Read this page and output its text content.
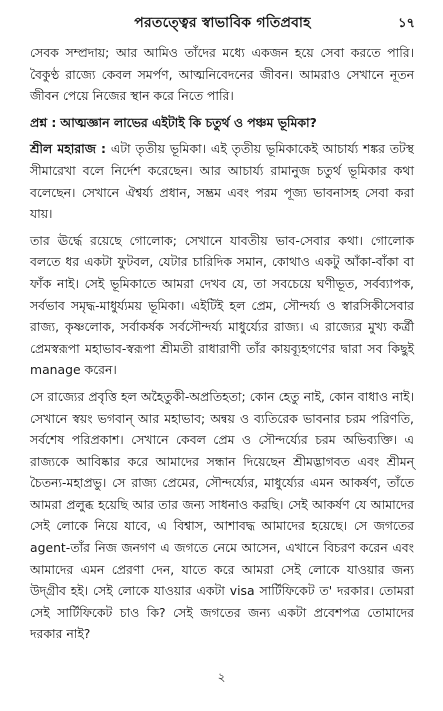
পরতত্ত্বের স্বাভাবিক গতিপ্রবাহ	১৭

সেবক সম্প্রদায়; আর আমিও তাঁদের মধ্যে একজন হয়ে সেবা করতে পারি। বৈকুণ্ঠ রাজ্যে কেবল সমর্পণ, আত্মনিবেদনের জীবন। আমরাও সেখানে নূতন জীবন পেয়ে নিজের স্থান করে নিতে পারি।

প্রশ্ন : আত্মজ্ঞান লাভের এইটাই কি চতুর্থ ও পঞ্চম ভূমিকা?

শ্রীল মহারাজ : এটা তৃতীয় ভূমিকা। এই তৃতীয় ভূমিকাকেই আচার্য্য শঙ্কর তটস্থ সীমারেখা বলে নির্দেশ করেছেন। আর আচার্য্য রামানুজ চতুর্থ ভূমিকার কথা বলেছেন। সেখানে ঐশ্বর্য্য প্রধান, সম্ভ্রম এবং পরম পূজ্য ভাবনাসহ সেবা করা যায়।

তার ঊর্দ্ধে রয়েছে গোলোক; সেখানে যাবতীয় ভাব-সেবার কথা। গোলোক বলতে ধর একটা ফুটবল, যেটার চারিদিক সমান, কোথাও একটু আঁকা-বাঁকা বা ফাঁক নাই। সেই ভূমিকাতে আমরা দেখব যে, তা সবচেয়ে ঘণীভূত, সর্বব্যাপক, সর্বভাব সমৃদ্ধ-মাধুর্য্যময় ভূমিকা। এইটিই হল প্রেম, সৌন্দর্য্য ও স্বারসিকীসেবার রাজ্য, কৃষ্ণলোক, সর্বাকর্ষক সর্বসৌন্দর্য্য মাধুর্য্যের রাজ্য। এ রাজ্যের মুখ্য কর্ত্রী প্রেমস্বরূপা মহাভাব-স্বরূপা শ্রীমতী রাধারাণী তাঁর কায়ব্যূহগণের দ্বারা সব কিছুই manage করেন।

সে রাজ্যের প্রবৃত্তি হল অহৈতুকী-অপ্রতিহতা; কোন হেতু নাই, কোন বাধাও নাই। সেখানে স্বয়ং ভগবান্ আর মহাভাব; অন্বয় ও ব্যতিরেক ভাবনার চরম পরিণতি, সর্বশেষ পরিপ্রকাশ। সেখানে কেবল প্রেম ও সৌন্দর্য্যের চরম অভিব্যক্তি। এ রাজ্যকে আবিষ্কার করে আমাদের সন্ধান দিয়েছেন শ্রীমদ্ভাগবত এবং শ্রীমন্ চৈতন্য-মহাপ্রভু। সে রাজ্য প্রেমের, সৌন্দর্য্যের, মাধুর্য্যের এমন আকর্ষণ, তাঁতে আমরা প্রলুব্ধ হয়েছি আর তার জন্য সাধনাও করছি। সেই আকর্ষণ যে আমাদের সেই লোকে নিয়ে যাবে, এ বিশ্বাস, আশাবদ্ধ আমাদের হয়েছে। সে জগতের agent-তাঁর নিজ জনগণ এ জগতে নেমে আসেন, এখানে বিচরণ করেন এবং আমাদের এমন প্রেরণা দেন, যাতে করে আমরা সেই লোকে যাওয়ার জন্য উদ্গ্রীব হই। সেই লোকে যাওয়ার একটা visa সার্টিফিকেট ত' দরকার। তোমরা সেই সার্টিফিকেট চাও কি? সেই জগতের জন্য একটা প্রবেশপত্র তোমাদের দরকার নাই?

২
